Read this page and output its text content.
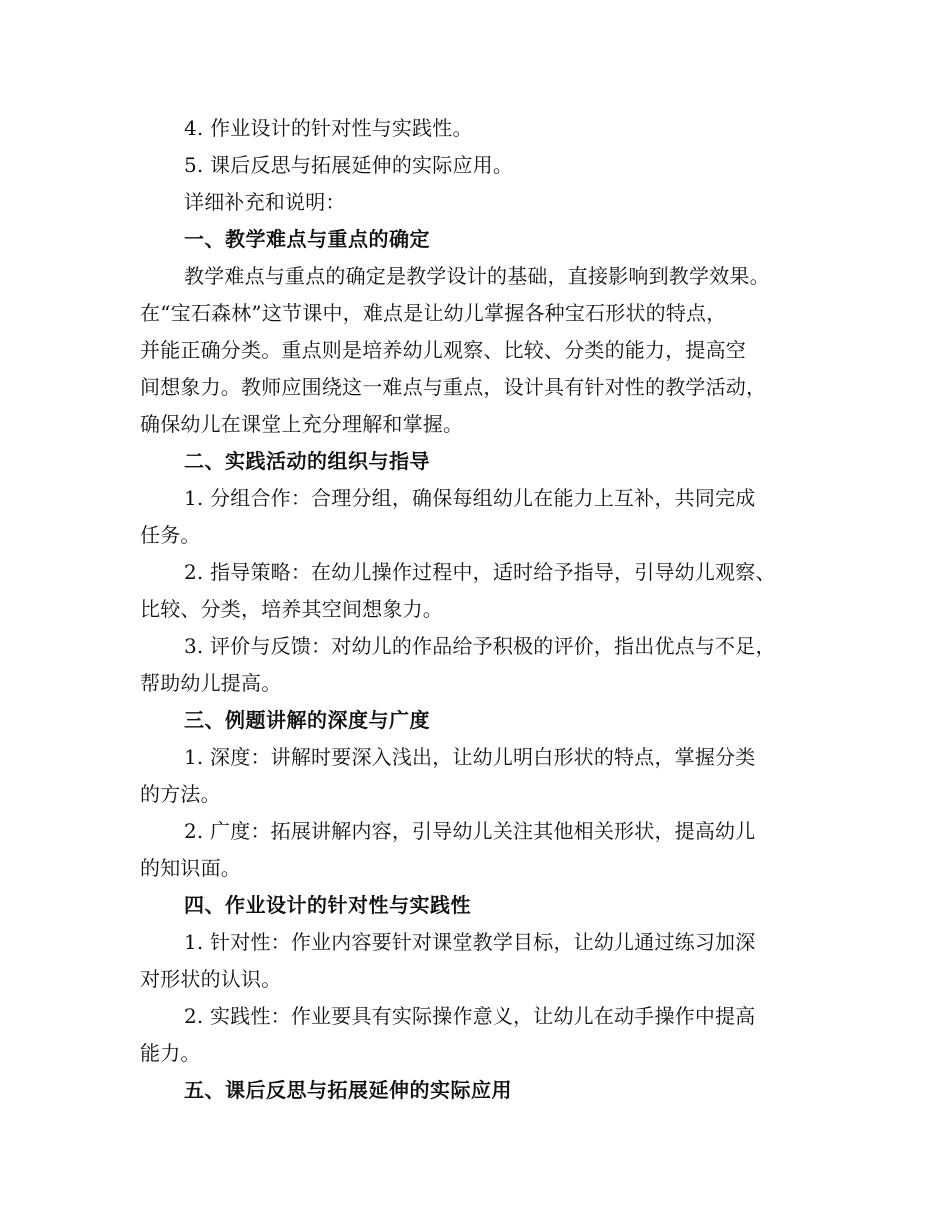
4. 作业设计的针对性与实践性。
5. 课后反思与拓展延伸的实际应用。
详细补充和说明：
一、教学难点与重点的确定
教学难点与重点的确定是教学设计的基础，直接影响到教学效果。
在“宝石森林”这节课中，难点是让幼儿掌握各种宝石形状的特点，
并能正确分类。重点则是培养幼儿观察、比较、分类的能力，提高空
间想象力。教师应围绕这一难点与重点，设计具有针对性的教学活动，
确保幼儿在课堂上充分理解和掌握。
二、实践活动的组织与指导
1. 分组合作：合理分组，确保每组幼儿在能力上互补，共同完成
任务。
2. 指导策略：在幼儿操作过程中，适时给予指导，引导幼儿观察、
比较、分类，培养其空间想象力。
3. 评价与反馈：对幼儿的作品给予积极的评价，指出优点与不足，
帮助幼儿提高。
三、例题讲解的深度与广度
1. 深度：讲解时要深入浅出，让幼儿明白形状的特点，掌握分类
的方法。
2. 广度：拓展讲解内容，引导幼儿关注其他相关形状，提高幼儿
的知识面。
四、作业设计的针对性与实践性
1. 针对性：作业内容要针对课堂教学目标，让幼儿通过练习加深
对形状的认识。
2. 实践性：作业要具有实际操作意义，让幼儿在动手操作中提高
能力。
五、课后反思与拓展延伸的实际应用
